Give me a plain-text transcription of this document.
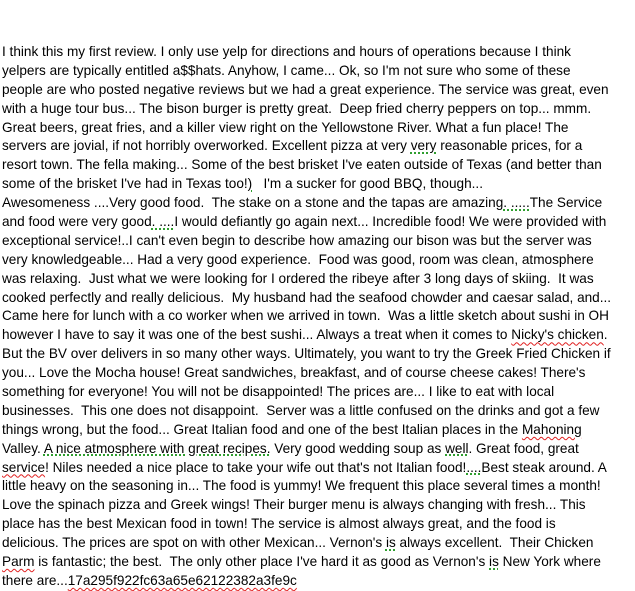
I think this my first review. I only use yelp for directions and hours of operations because I think
yelpers are typically entitled a$$hats. Anyhow, I came... Ok, so I'm not sure who some of these
people are who posted negative reviews but we had a great experience. The service was great, even
with a huge tour bus... The bison burger is pretty great.  Deep fried cherry peppers on top... mmm.
Great beers, great fries, and a killer view right on the Yellowstone River. What a fun place! The
servers are jovial, if not horribly overworked. Excellent pizza at very very reasonable prices, for a
resort town. The fella making... Some of the best brisket I've eaten outside of Texas (and better than
some of the brisket I've had in Texas too!)   I'm a sucker for good BBQ, though...
Awesomeness ....Very good food.  The stake on a stone and the tapas are amazing. .....The Service
and food were very good. ....I would defiantly go again next... Incredible food! We were provided with
exceptional service!..I can't even begin to describe how amazing our bison was but the server was
very knowledgeable... Had a very good experience.  Food was good, room was clean, atmosphere
was relaxing.  Just what we were looking for I ordered the ribeye after 3 long days of skiing.  It was
cooked perfectly and really delicious.  My husband had the seafood chowder and caesar salad, and...
Came here for lunch with a co worker when we arrived in town.  Was a little sketch about sushi in OH
however I have to say it was one of the best sushi... Always a treat when it comes to Nicky's chicken.
But the BV over delivers in so many other ways. Ultimately, you want to try the Greek Fried Chicken if
you... Love the Mocha house! Great sandwiches, breakfast, and of course cheese cakes! There's
something for everyone! You will not be disappointed! The prices are... I like to eat with local
businesses.  This one does not disappoint.  Server was a little confused on the drinks and got a few
things wrong, but the food... Great Italian food and one of the best Italian places in the Mahoning
Valley. A nice atmosphere with great recipes. Very good wedding soup as well. Great food, great
service! Niles needed a nice place to take your wife out that's not Italian food!....Best steak around. A
little heavy on the seasoning in... The food is yummy! We frequent this place several times a month!
Love the spinach pizza and Greek wings! Their burger menu is always changing with fresh... This
place has the best Mexican food in town! The service is almost always great, and the food is
delicious. The prices are spot on with other Mexican... Vernon's is always excellent.  Their Chicken
Parm is fantastic; the best.  The only other place I've hard it as good as Vernon's is New York where
there are...17a295f922fc63a65e62122382a3fe9c
